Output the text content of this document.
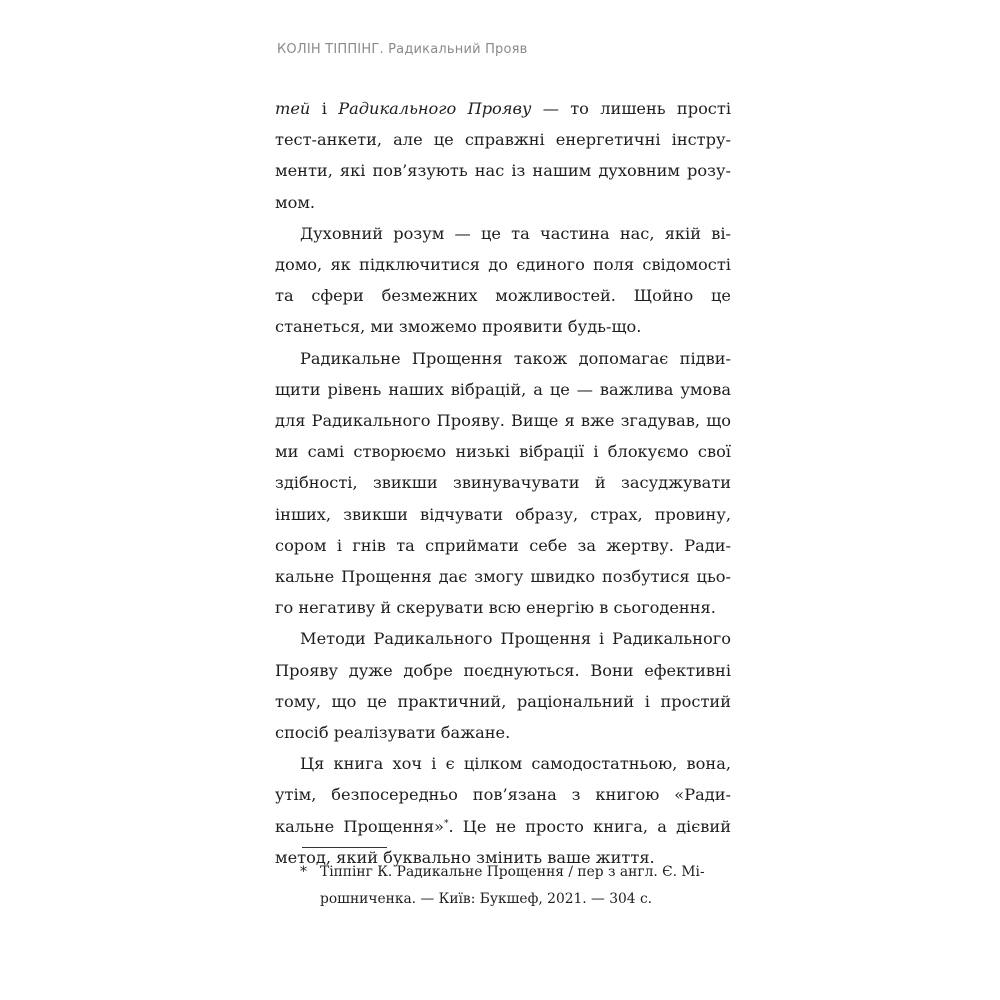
КОЛІН ТІППІНГ. Радикальний Прояв

тей і Радикального Прояву — то лишень прості тест-анкети, але це справжні енергетичні інструменти, які пов’язують нас із нашим духовним розумом.

Духовний розум — це та частина нас, якій відомо, як підключитися до єдиного поля свідомості та сфери безмежних можливостей. Щойно це станеться, ми зможемо проявити будь-що.

Радикальне Прощення також допомагає підвищити рівень наших вібрацій, а це — важлива умова для Радикального Прояву. Вище я вже згадував, що ми самі створюємо низькі вібрації і блокуємо свої здібності, звикши звинувачувати й засуджувати інших, звикши відчувати образу, страх, провину, сором і гнів та сприймати себе за жертву. Радикальне Прощення дає змогу швидко позбутися цього негативу й скерувати всю енергію в сьогодення.

Методи Радикального Прощення і Радикального Прояву дуже добре поєднуються. Вони ефективні тому, що це практичний, раціональний і простий спосіб реалізувати бажане.

Ця книга хоч і є цілком самодостатньою, вона, утім, безпосередньо пов’язана з книгою «Радикальне Прощення»*. Це не просто книга, а дієвий метод, який буквально змінить ваше життя.

* Тіппінг К. Радикальне Прощення / пер з англ. Є. Мірошниченка. — Київ: Букшеф, 2021. — 304 с.
